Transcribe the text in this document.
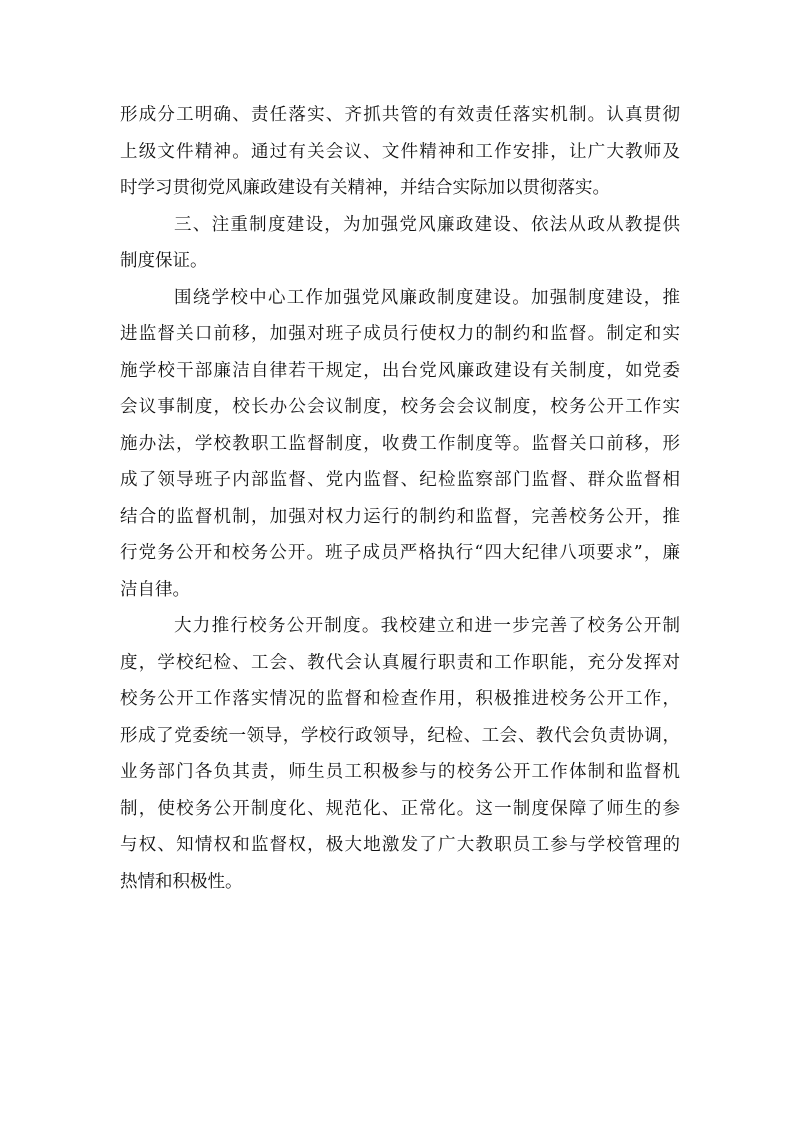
形成分工明确、责任落实、齐抓共管的有效责任落实机制。认真贯彻
上级文件精神。通过有关会议、文件精神和工作安排，让广大教师及
时学习贯彻党风廉政建设有关精神，并结合实际加以贯彻落实。
三、注重制度建设，为加强党风廉政建设、依法从政从教提供
制度保证。
围绕学校中心工作加强党风廉政制度建设。加强制度建设，推
进监督关口前移，加强对班子成员行使权力的制约和监督。制定和实
施学校干部廉洁自律若干规定，出台党风廉政建设有关制度，如党委
会议事制度，校长办公会议制度，校务会会议制度，校务公开工作实
施办法，学校教职工监督制度，收费工作制度等。监督关口前移，形
成了领导班子内部监督、党内监督、纪检监察部门监督、群众监督相
结合的监督机制，加强对权力运行的制约和监督，完善校务公开，推
行党务公开和校务公开。班子成员严格执行“四大纪律八项要求”，廉
洁自律。
大力推行校务公开制度。我校建立和进一步完善了校务公开制
度，学校纪检、工会、教代会认真履行职责和工作职能，充分发挥对
校务公开工作落实情况的监督和检查作用，积极推进校务公开工作，
形成了党委统一领导，学校行政领导，纪检、工会、教代会负责协调，
业务部门各负其责，师生员工积极参与的校务公开工作体制和监督机
制，使校务公开制度化、规范化、正常化。这一制度保障了师生的参
与权、知情权和监督权，极大地激发了广大教职员工参与学校管理的
热情和积极性。
